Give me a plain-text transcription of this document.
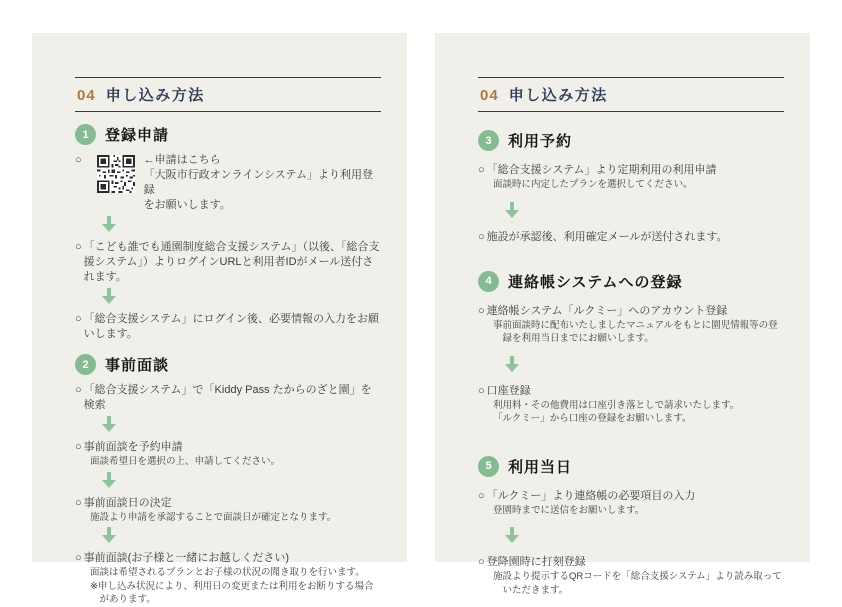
04 申し込み方法
1	登録申請
○	←申請はこちら
「大阪市行政オンラインシステム」より利用登録
をお願いします。
○ 「こども誰でも通園制度総合支援システム」（以後、「総合支援システム」）よりログインURLと利用者IDがメール送付されます。
○ 「総合支援システム」にログイン後、必要情報の入力をお願いします。
2	事前面談
○ 「総合支援システム」で「Kiddy Pass たからのざと園」を検索
○ 事前面談を予約申請
面談希望日を選択の上、申請してください。
○ 事前面談日の決定
施設より申請を承認することで面談日が確定となります。
○ 事前面談(お子様と一緒にお越しください)
面談は希望されるプランとお子様の状況の聞き取りを行います。
※申し込み状況により、利用日の変更または利用をお断りする場合があります。
04 申し込み方法
3	利用予約
○ 「総合支援システム」より定期利用の利用申請
面談時に内定したプランを選択してください。
○ 施設が承認後、利用確定メールが送付されます。
4	連絡帳システムへの登録
○ 連絡帳システム「ルクミー」へのアカウント登録
事前面談時に配布いたしましたマニュアルをもとに園児情報等の登録を利用当日までにお願いします。
○ 口座登録
利用料・その他費用は口座引き落としで請求いたします。
「ルクミー」から口座の登録をお願いします。
5	利用当日
○ 「ルクミー」より連絡帳の必要項目の入力
登園時までに送信をお願いします。
○ 登降園時に打刻登録
施設より提示するQRコードを「総合支援システム」より読み取っていただきます。
